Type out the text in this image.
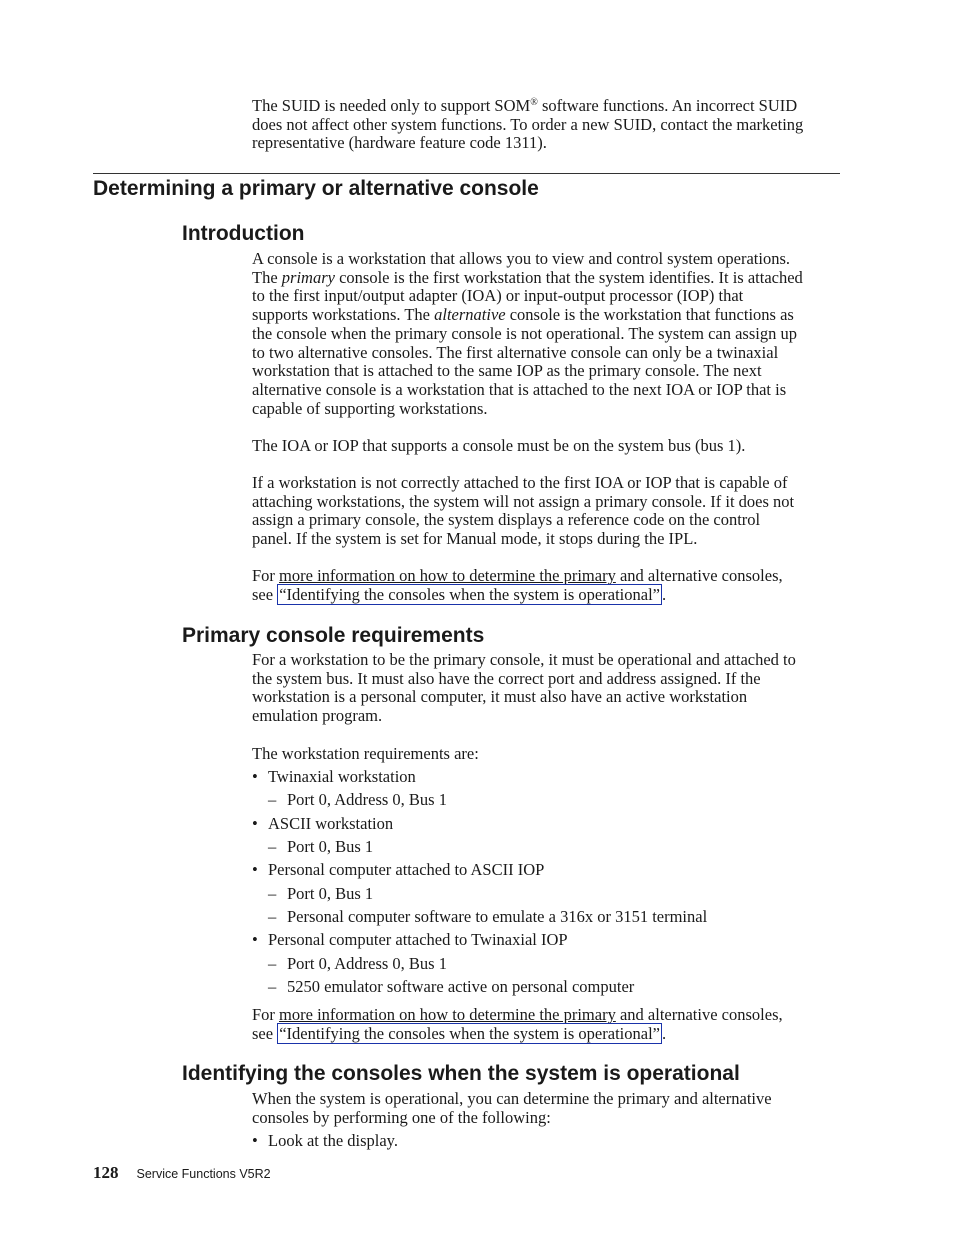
The SUID is needed only to support SOM® software functions. An incorrect SUID
does not affect other system functions. To order a new SUID, contact the marketing
representative (hardware feature code 1311).
Determining a primary or alternative console
Introduction
A console is a workstation that allows you to view and control system operations.
The primary console is the first workstation that the system identifies. It is attached
to the first input/output adapter (IOA) or input-output processor (IOP) that
supports workstations. The alternative console is the workstation that functions as
the console when the primary console is not operational. The system can assign up
to two alternative consoles. The first alternative console can only be a twinaxial
workstation that is attached to the same IOP as the primary console. The next
alternative console is a workstation that is attached to the next IOA or IOP that is
capable of supporting workstations.

The IOA or IOP that supports a console must be on the system bus (bus 1).

If a workstation is not correctly attached to the first IOA or IOP that is capable of
attaching workstations, the system will not assign a primary console. If it does not
assign a primary console, the system displays a reference code on the control
panel. If the system is set for Manual mode, it stops during the IPL.
For more information on how to determine the primary and alternative consoles,
see “Identifying the consoles when the system is operational” .
Primary console requirements
For a workstation to be the primary console, it must be operational and attached to
the system bus. It must also have the correct port and address assigned. If the
workstation is a personal computer, it must also have an active workstation
emulation program.

The workstation requirements are:

• Twinaxial workstation
– Port 0, Address 0, Bus 1
• ASCII workstation
– Port 0, Bus 1
• Personal computer attached to ASCII IOP
– Port 0, Bus 1
– Personal computer software to emulate a 316x or 3151 terminal
• Personal computer attached to Twinaxial IOP
– Port 0, Address 0, Bus 1
– 5250 emulator software active on personal computer
For more information on how to determine the primary and alternative consoles,
see “Identifying the consoles when the system is operational” .
Identifying the consoles when the system is operational
When the system is operational, you can determine the primary and alternative
consoles by performing one of the following:
• Look at the display.
128 Service Functions V5R2
